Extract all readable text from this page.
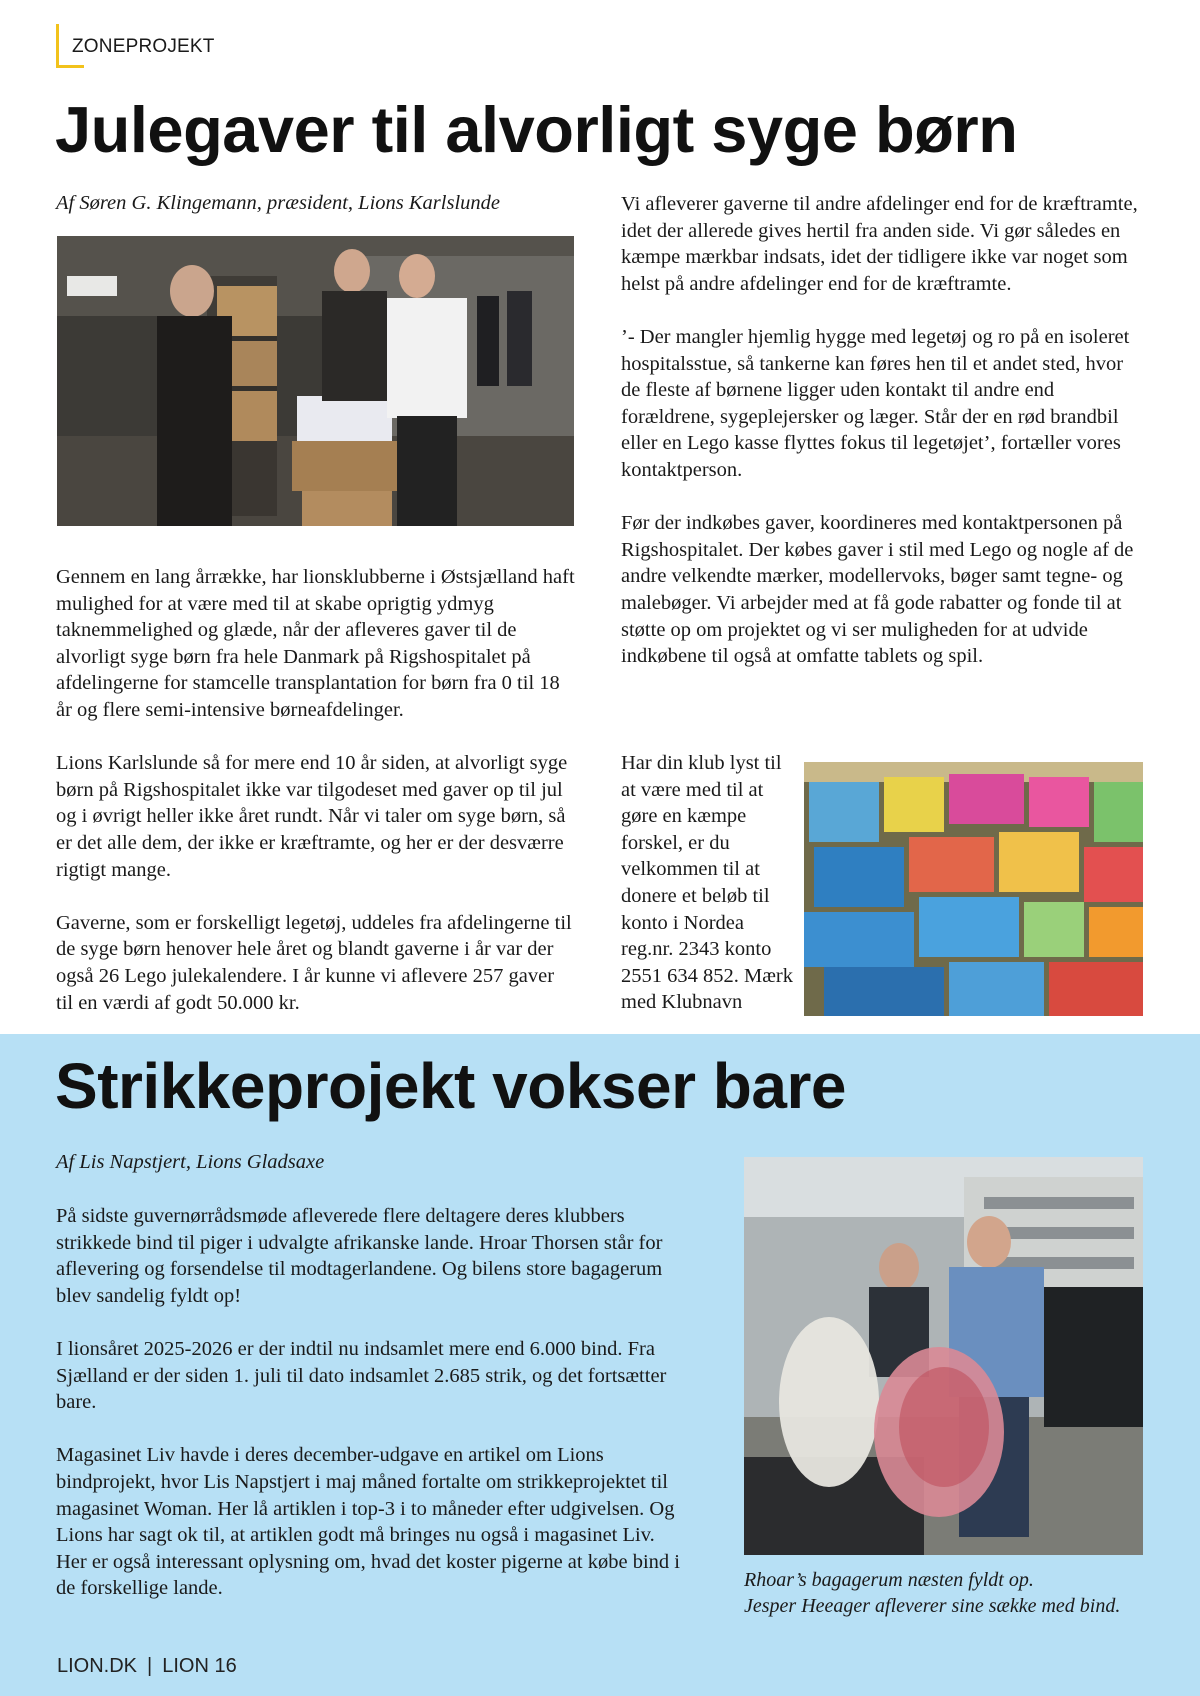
ZONEPROJEKT
Julegaver til alvorligt syge børn
Af Søren G. Klingemann, præsident, Lions Karlslunde

Gennem en lang årrække, har lionsklubberne i Østsjælland haft mulighed for at være med til at skabe oprigtig ydmyg taknemmelighed og glæde, når der afleveres gaver til de alvorligt syge børn fra hele Danmark på Rigshospitalet på afdelingerne for stamcelle transplantation for børn fra 0 til 18 år og flere semi-intensive børneafdelinger.

Lions Karlslunde så for mere end 10 år siden, at alvorligt syge børn på Rigshospitalet ikke var tilgodeset med gaver op til jul og i øvrigt heller ikke året rundt. Når vi taler om syge børn, så er det alle dem, der ikke er kræftramte, og her er der desværre rigtigt mange.

Gaverne, som er forskelligt legetøj, uddeles fra afdelingerne til de syge børn henover hele året og blandt gaverne i år var der også 26 Lego julekalendere. I år kunne vi aflevere 257 gaver til en værdi af godt 50.000 kr.

Vi afleverer gaverne til andre afdelinger end for de kræftramte, idet der allerede gives hertil fra anden side. Vi gør således en kæmpe mærkbar indsats, idet der tidligere ikke var noget som helst på andre afdelinger end for de kræftramte.

’- Der mangler hjemlig hygge med legetøj og ro på en isoleret hospitalsstue, så tankerne kan føres hen til et andet sted, hvor de fleste af børnene ligger uden kontakt til andre end forældrene, sygeplejersker og læger. Står der en rød brandbil eller en Lego kasse flyttes fokus til legetøjet’, fortæller vores kontaktperson.

Før der indkøbes gaver, koordineres med kontaktpersonen på Rigshospitalet. Der købes gaver i stil med Lego og nogle af de andre velkendte mærker, modellervoks, bøger samt tegne- og malebøger. Vi arbejder med at få gode rabatter og fonde til at støtte op om projektet og vi ser muligheden for at udvide indkøbene til også at omfatte tablets og spil.

Har din klub lyst til at være med til at gøre en kæmpe forskel, er du velkommen til at donere et beløb til konto i Nordea reg.nr. 2343 konto 2551 634 852. Mærk med Klubnavn
Strikkeprojekt vokser bare
Af Lis Napstjert, Lions Gladsaxe

På sidste guvernørrådsmøde afleverede flere deltagere deres klubbers strikkede bind til piger i udvalgte afrikanske lande. Hroar Thorsen står for aflevering og forsendelse til modtagerlandene. Og bilens store bagagerum blev sandelig fyldt op!

I lionsåret 2025-2026 er der indtil nu indsamlet mere end 6.000 bind. Fra Sjælland er der siden 1. juli til dato indsamlet 2.685 strik, og det fortsætter bare.

Magasinet Liv havde i deres december-udgave en artikel om Lions bindprojekt, hvor Lis Napstjert i maj måned fortalte om strikkeprojektet til magasinet Woman. Her lå artiklen i top-3 i to måneder efter udgivelsen. Og Lions har sagt ok til, at artiklen godt må bringes nu også i magasinet Liv. Her er også interessant oplysning om, hvad det koster pigerne at købe bind i de forskellige lande.	Rhoar’s bagagerum næsten fyldt op.
Jesper Heeager afleverer sine sække med bind.
LION.DK | LION 16
